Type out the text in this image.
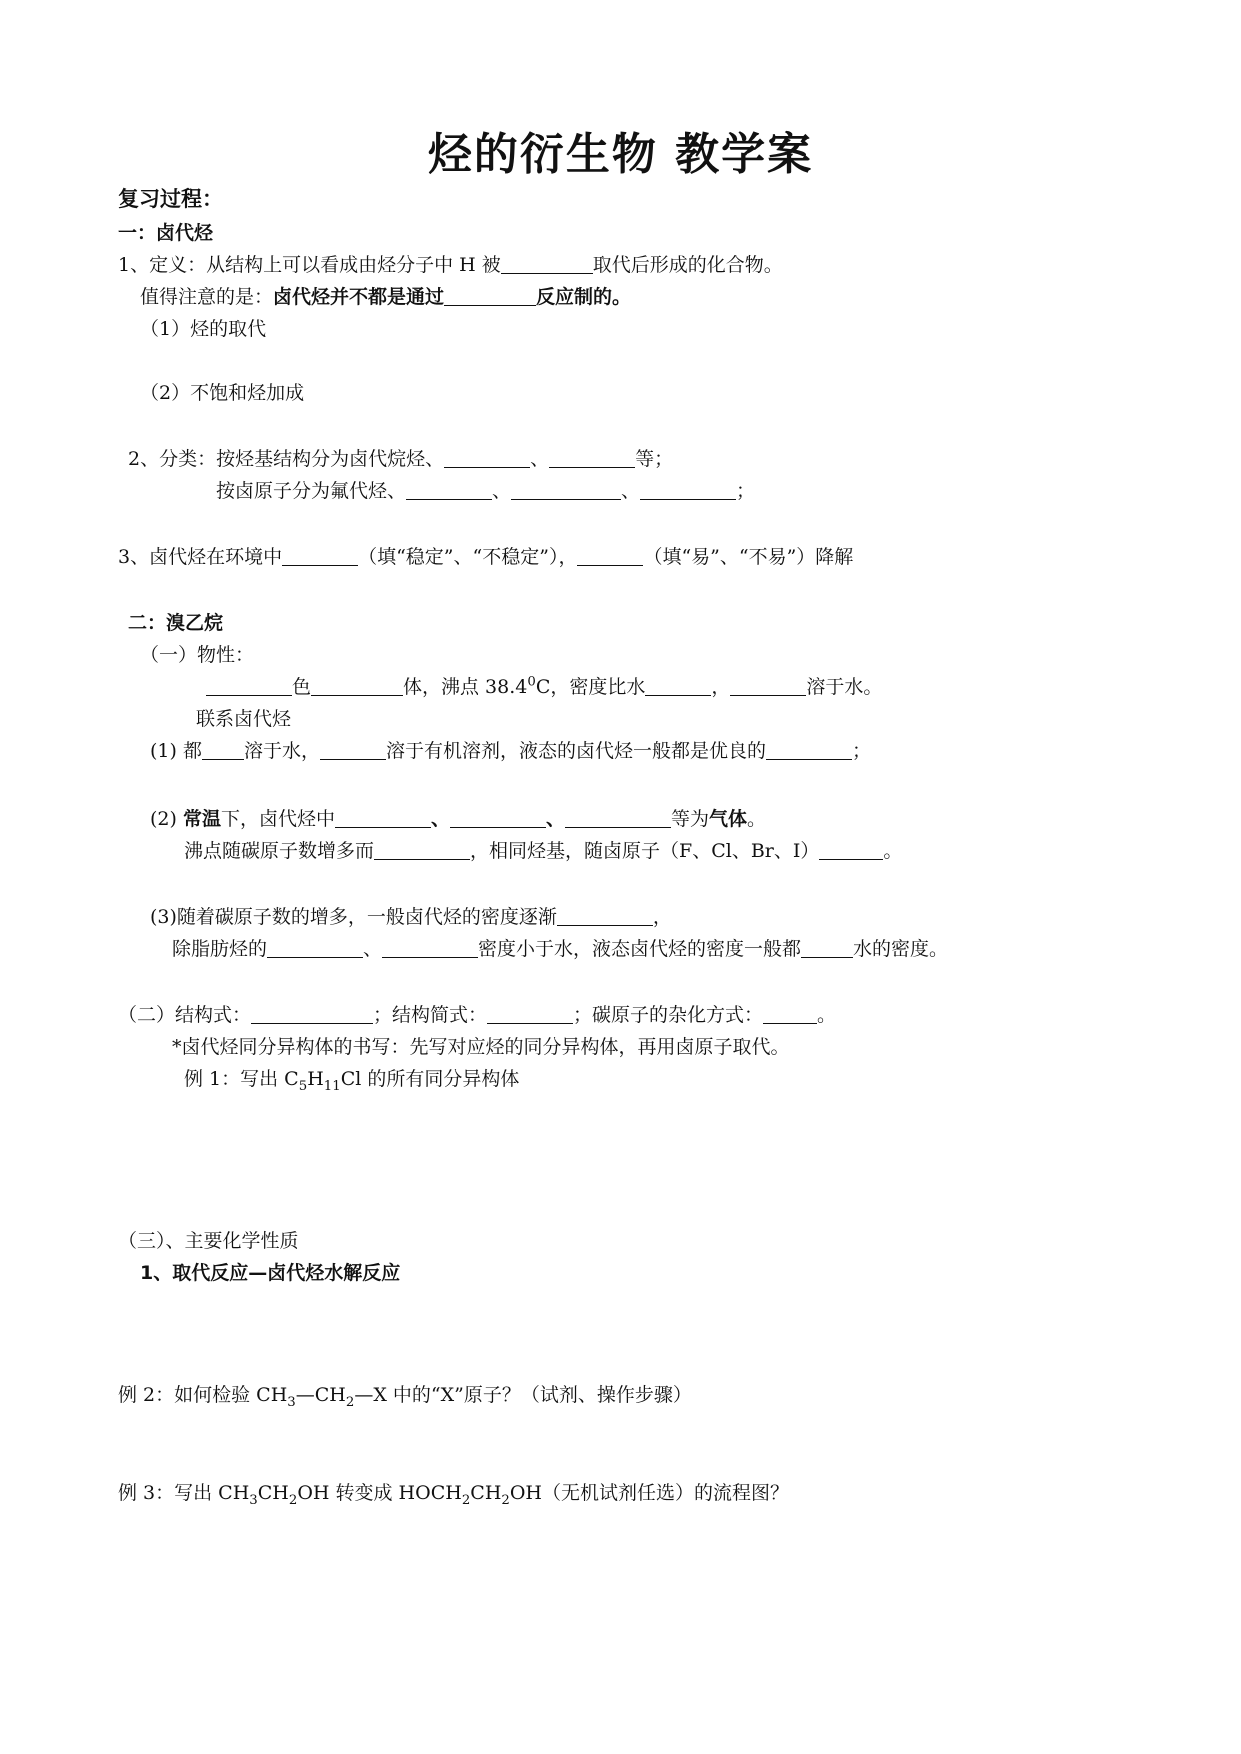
烃的衍生物 教学案
复习过程：
一：卤代烃
1、定义：从结构上可以看成由烃分子中 H 被	取代后形成的化合物。
值得注意的是：卤代烃并不都是通过	反应制的。
（1）烃的取代
（2）不饱和烃加成
2、分类：按烃基结构分为卤代烷烃、	、	等；
按卤原子分为氟代烃、	、	、	；
3、卤代烃在环境中	（填“稳定”、“不稳定”），	（填“易”、“不易”）降解
二：溴乙烷
（一）物性：
色	体，沸点 38.4$^0$C，密度比水	，	溶于水。
联系卤代烃
(1) 都 溶于水，	溶于有机溶剂，液态的卤代烃一般都是优良的	；
(2) 常温下，卤代烃中	、	、	等为气体。
沸点随碳原子数增多而	，相同烃基，随卤原子（F、Cl、Br、I）	。
(3)随着碳原子数的增多，一般卤代烃的密度逐渐	，
除脂肪烃的	、	密度小于水，液态卤代烃的密度一般都	水的密度。
（二）结构式：	；结构简式：	；碳原子的杂化方式：	。
*卤代烃同分异构体的书写：先写对应烃的同分异构体，再用卤原子取代。
例 1：写出 $C_5H_{11}Cl$ 的所有同分异构体
（三）、主要化学性质
1、取代反应—卤代烃水解反应
例 2：如何检验 $CH_3—CH_2—X$ 中的“X”原子？（试剂、操作步骤）
例 3：写出 $CH_3CH_2OH$ 转变成 $HOCH_2CH_2OH$（无机试剂任选）的流程图？
